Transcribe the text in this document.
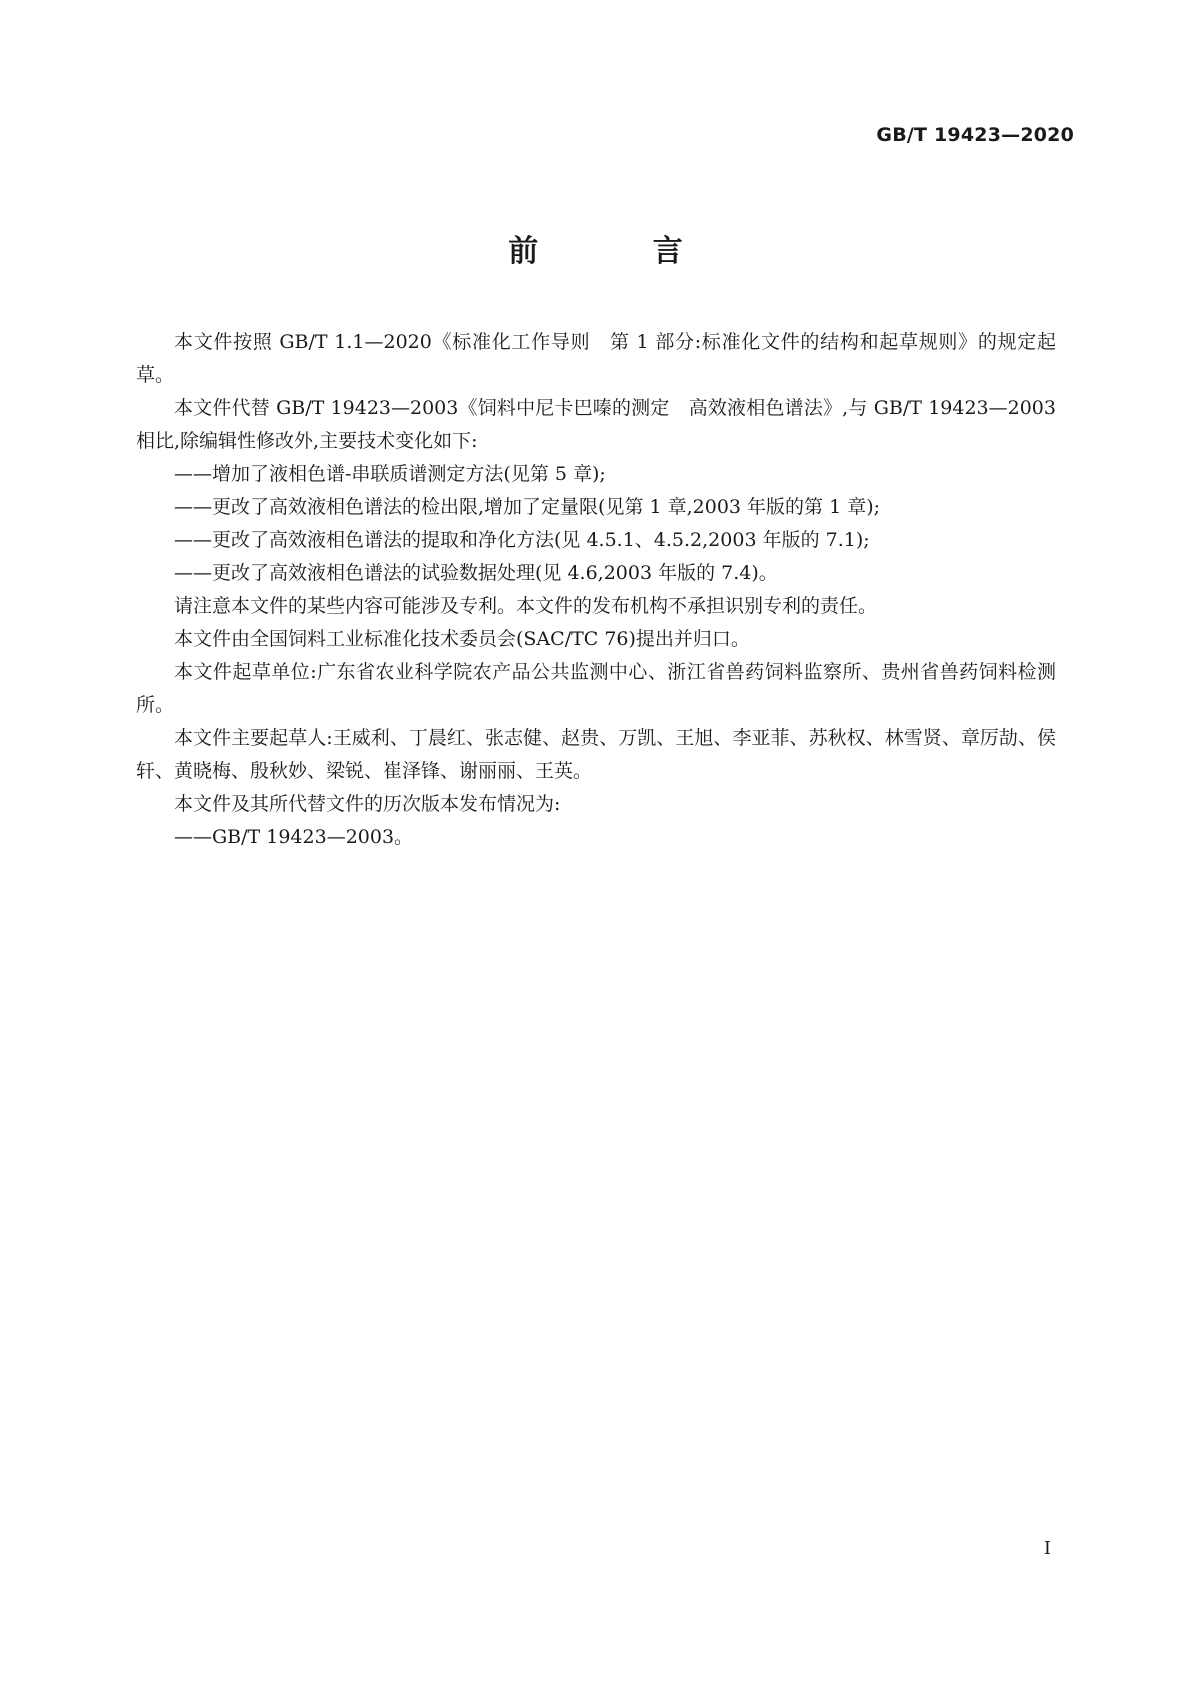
GB/T 19423—2020
前 言

本文件按照 GB/T 1.1—2020《标准化工作导则　第 1 部分:标准化文件的结构和起草规则》的规定起草。

本文件代替 GB/T 19423—2003《饲料中尼卡巴嗪的测定　高效液相色谱法》,与 GB/T 19423—2003 相比,除编辑性修改外,主要技术变化如下:

——增加了液相色谱-串联质谱测定方法(见第 5 章);

——更改了高效液相色谱法的检出限,增加了定量限(见第 1 章,2003 年版的第 1 章);

——更改了高效液相色谱法的提取和净化方法(见 4.5.1、4.5.2,2003 年版的 7.1);

——更改了高效液相色谱法的试验数据处理(见 4.6,2003 年版的 7.4)。

请注意本文件的某些内容可能涉及专利。本文件的发布机构不承担识别专利的责任。

本文件由全国饲料工业标准化技术委员会(SAC/TC 76)提出并归口。

本文件起草单位:广东省农业科学院农产品公共监测中心、浙江省兽药饲料监察所、贵州省兽药饲料检测所。

本文件主要起草人:王威利、丁晨红、张志健、赵贵、万凯、王旭、李亚菲、苏秋权、林雪贤、章厉劼、侯轩、黄晓梅、殷秋妙、梁锐、崔泽锋、谢丽丽、王英。

本文件及其所代替文件的历次版本发布情况为:

——GB/T 19423—2003。

I
